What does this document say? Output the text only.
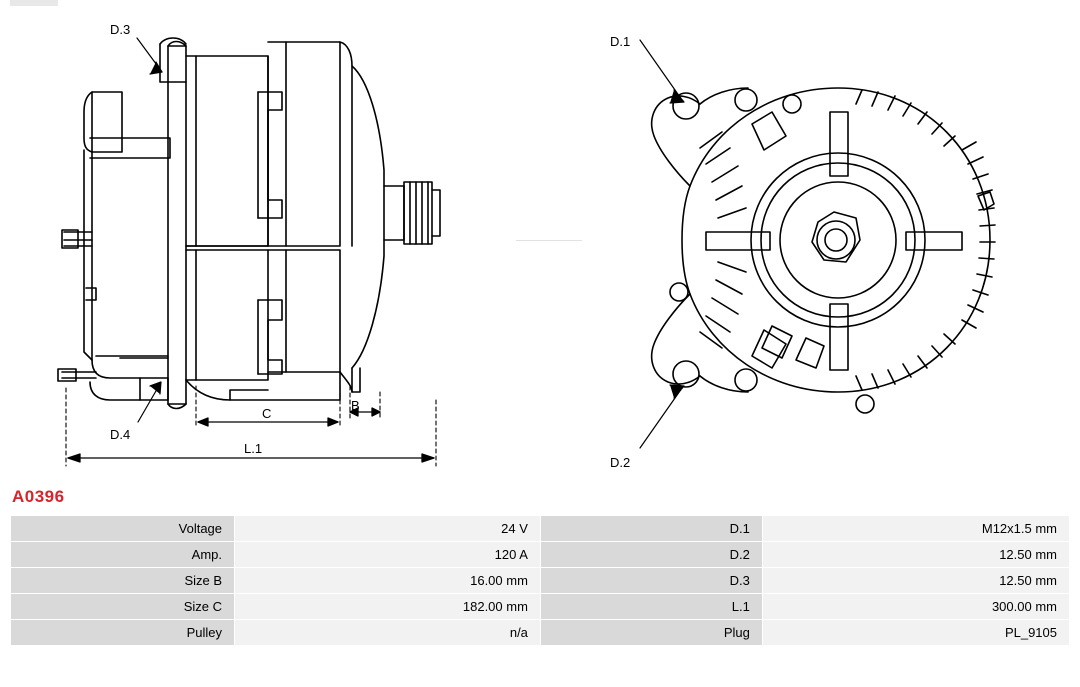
D.3
D.4
D.1
D.2
C
B
L.1
A0396
Voltage	24 V	D.1	M12x1.5 mm
Amp.	120 A	D.2	12.50 mm
Size B	16.00 mm	D.3	12.50 mm
Size C	182.00 mm	L.1	300.00 mm
Pulley	n/a	Plug	PL_9105
